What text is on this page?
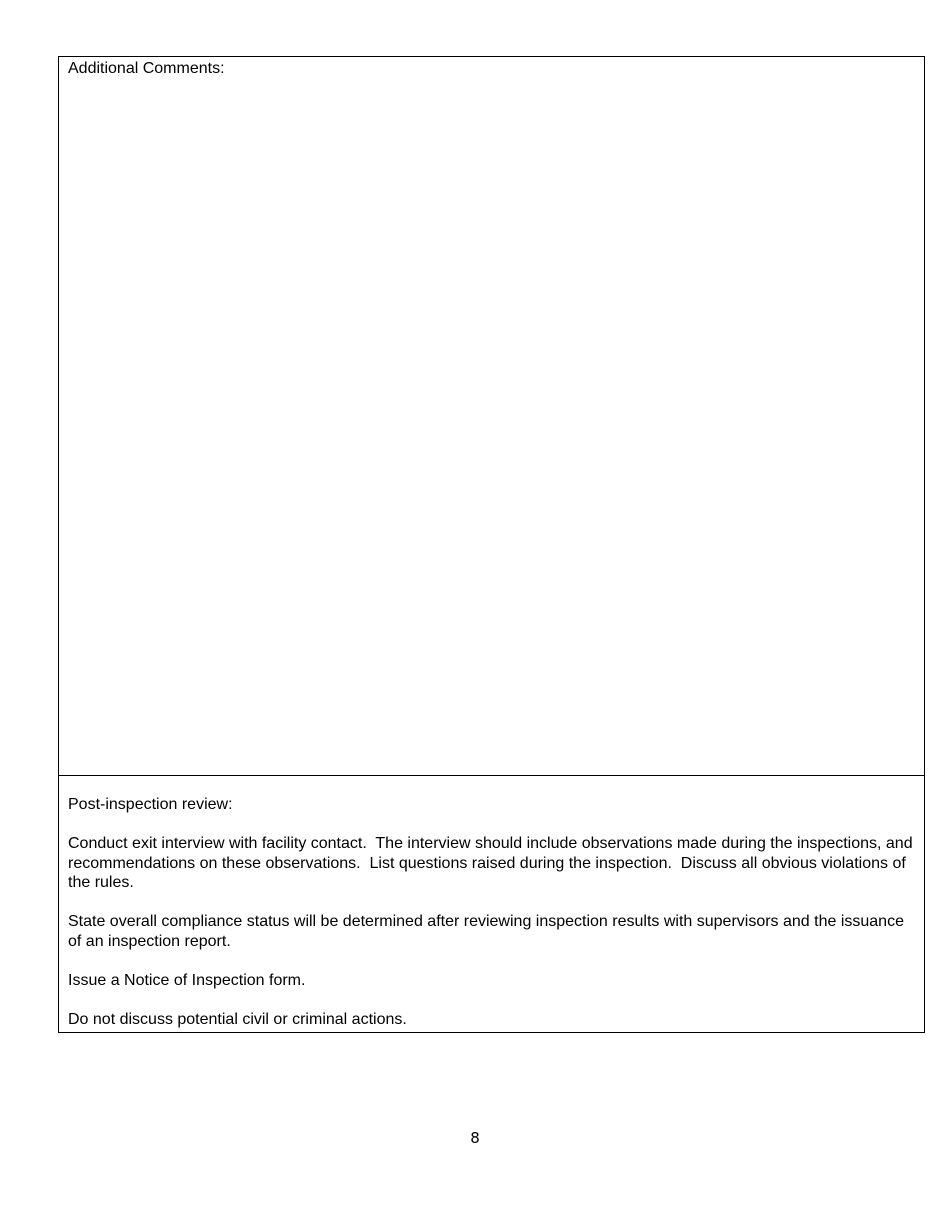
Additional Comments:

Post-inspection review:

Conduct exit interview with facility contact.  The interview should include observations made during the inspections, and recommendations on these observations.  List questions raised during the inspection.  Discuss all obvious violations of the rules.

State overall compliance status will be determined after reviewing inspection results with supervisors and the issuance of an inspection report.

Issue a Notice of Inspection form.

Do not discuss potential civil or criminal actions.

8
